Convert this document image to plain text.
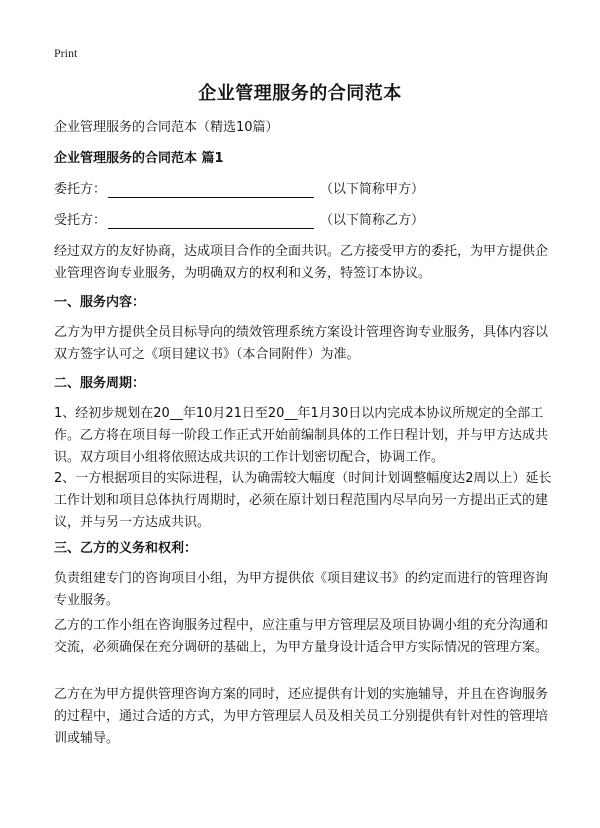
Print
企业管理服务的合同范本
企业管理服务的合同范本（精选10篇）
企业管理服务的合同范本 篇1
委托方：	（以下简称甲方）
受托方：	（以下简称乙方）
经过双方的友好协商，达成项目合作的全面共识。乙方接受甲方的委托，为甲方提供企业管理咨询专业服务，为明确双方的权利和义务，特签订本协议。
一、服务内容：
乙方为甲方提供全员目标导向的绩效管理系统方案设计管理咨询专业服务，具体内容以双方签字认可之《项目建议书》（本合同附件）为准。
二、服务周期：
1、经初步规划在20__年10月21日至20__年1月30日以内完成本协议所规定的全部工作。乙方将在项目每一阶段工作正式开始前编制具体的工作日程计划，并与甲方达成共识。双方项目小组将依照达成共识的工作计划密切配合，协调工作。
2、一方根据项目的实际进程，认为确需较大幅度（时间计划调整幅度达2周以上）延长工作计划和项目总体执行周期时，必须在原计划日程范围内尽早向另一方提出正式的建议，并与另一方达成共识。
三、乙方的义务和权利：
负责组建专门的咨询项目小组，为甲方提供依《项目建议书》的约定而进行的管理咨询专业服务。
乙方的工作小组在咨询服务过程中，应注重与甲方管理层及项目协调小组的充分沟通和交流，必须确保在充分调研的基础上，为甲方量身设计适合甲方实际情况的管理方案。
乙方在为甲方提供管理咨询方案的同时，还应提供有计划的实施辅导，并且在咨询服务的过程中，通过合适的方式，为甲方管理层人员及相关员工分别提供有针对性的管理培训或辅导。
